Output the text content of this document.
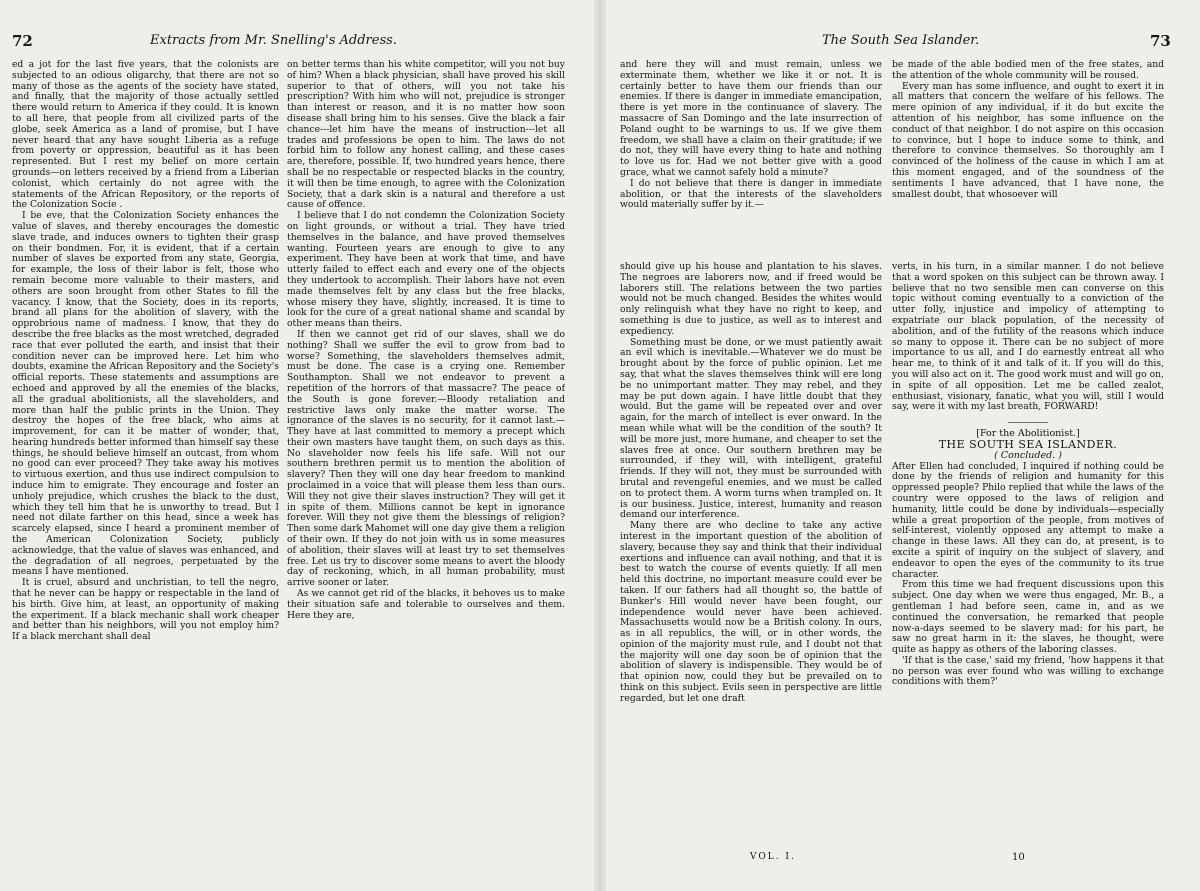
72	Extracts from Mr. Snelling's Address.

ed a jot for the last five years, that the colonists are subjected to an odious oligarchy, that there are not so many of those as the agents of the society have stated, and finally, that the majority of those actually settled there would return to America if they could. It is known to all here, that people from all civilized parts of the globe, seek America as a land of promise, but I have never heard that any have sought Liberia as a refuge from poverty or oppression, beautiful as it has been represented. But I rest my belief on more certain grounds—on letters received by a friend from a Liberian colonist, which certainly do not agree with the statements of the African Repository, or the reports of the Colonization Socie .

I be eve, that the Colonization Society enhances the value of slaves, and thereby encourages the domestic slave trade, and induces owners to tighten their grasp on their bondmen. For, it is evident, that if a certain number of slaves be exported from any state, Georgia, for example, the loss of their labor is felt, those who remain become more valuable to their masters, and others are soon brought from other States to fill the vacancy. I know, that the Society, does in its reports, brand all plans for the abolition of slavery, with the opprobrious name of madness. I know, that they do describe the free blacks as the most wretched, degraded race that ever polluted the earth, and insist that their condition never can be improved here. Let him who doubts, examine the African Repository and the Society's official reports. These statements and assumptions are echoed and approved by all the enemies of the blacks, all the gradual abolitionists, all the slaveholders, and more than half the public prints in the Union. They destroy the hopes of the free black, who aims at improvement, for can it be matter of wonder, that, hearing hundreds better informed than himself say these things, he should believe himself an outcast, from whom no good can ever proceed? They take away his motives to virtuous exertion, and thus use indirect compulsion to induce him to emigrate. They encourage and foster an unholy prejudice, which crushes the black to the dust, which they tell him that he is unworthy to tread. But I need not dilate farther on this head, since a week has scarcely elapsed, since I heard a prominent member of the American Colonization Society, publicly acknowledge, that the value of slaves was enhanced, and the degradation of all negroes, perpetuated by the means I have mentioned.

It is cruel, absurd and unchristian, to tell the negro, that he never can be happy or respectable in the land of his birth. Give him, at least, an opportunity of making the experiment. If a black mechanic shall work cheaper and better than his neighbors, will you not employ him? If a black merchant shall deal

on better terms than his white competitor, will you not buy of him? When a black physician, shall have proved his skill superior to that of others, will you not take his prescription? With him who will not, prejudice is stronger than interest or reason, and it is no matter how soon disease shall bring him to his senses. Give the black a fair chance---let him have the means of instruction---let all trades and professions be open to him. The laws do not forbid him to follow any honest calling, and these cases are, therefore, possible. If, two hundred years hence, there shall be no respectable or respected blacks in the country, it will then be time enough, to agree with the Colonization Society, that a dark skin is a natural and therefore a ust cause of offence.

I believe that I do not condemn the Colonization Society on light grounds, or without a trial. They have tried themselves in the balance, and have proved themselves wanting. Fourteen years are enough to give to any experiment. They have been at work that time, and have utterly failed to effect each and every one of the objects they undertook to accomplish. Their labors have not even made themselves felt by any class but the free blacks, whose misery they have, slightly, increased. It is time to look for the cure of a great national shame and scandal by other means than theirs.

If then we cannot get rid of our slaves, shall we do nothing? Shall we suffer the evil to grow from bad to worse? Something, the slaveholders themselves admit, must be done. The case is a crying one. Remember Southampton. Shall we not endeavor to prevent a repetition of the horrors of that massacre? The peace of the South is gone forever.—Bloody retaliation and restrictive laws only make the matter worse. The ignorance of the slaves is no security, for it cannot last.—They have at last committed to memory a precept which their own masters have taught them, on such days as this. No slaveholder now feels his life safe. Will not our southern brethren permit us to mention the abolition of slavery? Then they will one day hear freedom to mankind proclaimed in a voice that will please them less than ours. Will they not give their slaves instruction? They will get it in spite of them. Millions cannot be kept in ignorance forever. Will they not give them the blessings of religion? Then some dark Mahomet will one day give them a religion of their own. If they do not join with us in some measures of abolition, their slaves will at least try to set themselves free. Let us try to discover some means to avert the bloody day of reckoning, which, in all human probability, must arrive sooner or later.

As we cannot get rid of the blacks, it behoves us to make their situation safe and tolerable to ourselves and them. Here they are,

The South Sea Islander.	73

and here they will and must remain, unless we exterminate them, whether we like it or not. It is certainly better to have them our friends than our enemies. If there is danger in immediate emancipation, there is yet more in the continuance of slavery. The massacre of San Domingo and the late insurrection of Poland ought to be warnings to us. If we give them freedom, we shall have a claim on their gratitude; if we do not, they will have every thing to hate and nothing to love us for. Had we not better give with a good grace, what we cannot safely hold a minute?

I do not believe that there is danger in immediate abolition, or that the interests of the slaveholders would materially suffer by it.—

be made of the able bodied men of the free states, and the attention of the whole community will be roused.

Every man has some influence, and ought to exert it in all matters that concern the welfare of his fellows. The mere opinion of any individual, if it do but excite the attention of his neighbor, has some influence on the conduct of that neighbor. I do not aspire on this occasion to convince, but I hope to induce some to think, and therefore to convince themselves. So thoroughly am I convinced of the holiness of the cause in which I am at this moment engaged, and of the soundness of the sentiments I have advanced, that I have none, the smallest doubt, that whosoever will

should give up his house and plantation to his slaves. The negroes are laborers now, and if freed would be laborers still. The relations between the two parties would not be much changed. Besides the whites would only relinquish what they have no right to keep, and something is due to justice, as well as to interest and expediency.

Something must be done, or we must patiently await an evil which is inevitable.—Whatever we do must be brought about by the force of public opinion. Let me say, that what the slaves themselves think will ere long be no unimportant matter. They may rebel, and they may be put down again. I have little doubt that they would. But the game will be repeated over and over again, for the march of intellect is ever onward. In the mean while what will be the condition of the south? It will be more just, more humane, and cheaper to set the slaves free at once. Our southern brethren may be surrounded, if they will, with intelligent, grateful friends. If they will not, they must be surrounded with brutal and revengeful enemies, and we must be called on to protect them. A worm turns when trampled on. It is our business. Justice, interest, humanity and reason demand our interference.

Many there are who decline to take any active interest in the important question of the abolition of slavery, because they say and think that their individual exertions and influence can avail nothing, and that it is best to watch the course of events quietly. If all men held this doctrine, no important measure could ever be taken. If our fathers had all thought so, the battle of Bunker's Hill would never have been fought, our independence would never have been achieved. Massachusetts would now be a British colony. In ours, as in all republics, the will, or in other words, the opinion of the majority must rule, and I doubt not that the majority will one day soon be of opinion that the abolition of slavery is indispensible. They would be of that opinion now, could they but be prevailed on to think on this subject. Evils seen in perspective are little regarded, but let one draft

verts, in his turn, in a similar manner. I do not believe that a word spoken on this subject can be thrown away. I believe that no two sensible men can converse on this topic without coming eventually to a conviction of the utter folly, injustice and impolicy of attempting to expatriate our black population, of the necessity of abolition, and of the futility of the reasons which induce so many to oppose it. There can be no subject of more importance to us all, and I do earnestly entreat all who hear me, to think of it and talk of it. If you will do this, you will also act on it. The good work must and will go on, in spite of all opposition. Let me be called zealot, enthusiast, visionary, fanatic, what you will, still I would say, were it with my last breath, FORWARD!

[For the Abolitionist.]

THE SOUTH SEA ISLANDER.

( Concluded. )

After Ellen had concluded, I inquired if nothing could be done by the friends of religion and humanity for this oppressed people? Philo replied that while the laws of the country were opposed to the laws of religion and humanity, little could be done by individuals—especially while a great proportion of the people, from motives of self-interest, violently opposed any attempt to make a change in these laws. All they can do, at present, is to excite a spirit of inquiry on the subject of slavery, and endeavor to open the eyes of the community to its true character.

From this time we had frequent discussions upon this subject. One day when we were thus engaged, Mr. B., a gentleman I had before seen, came in, and as we continued the conversation, he remarked that people now-a-days seemed to be slavery mad: for his part, he saw no great harm in it: the slaves, he thought, were quite as happy as others of the laboring classes.

'If that is the case,' said my friend, 'how happens it that no person was ever found who was willing to exchange conditions with them?'

VOL. I.	10
